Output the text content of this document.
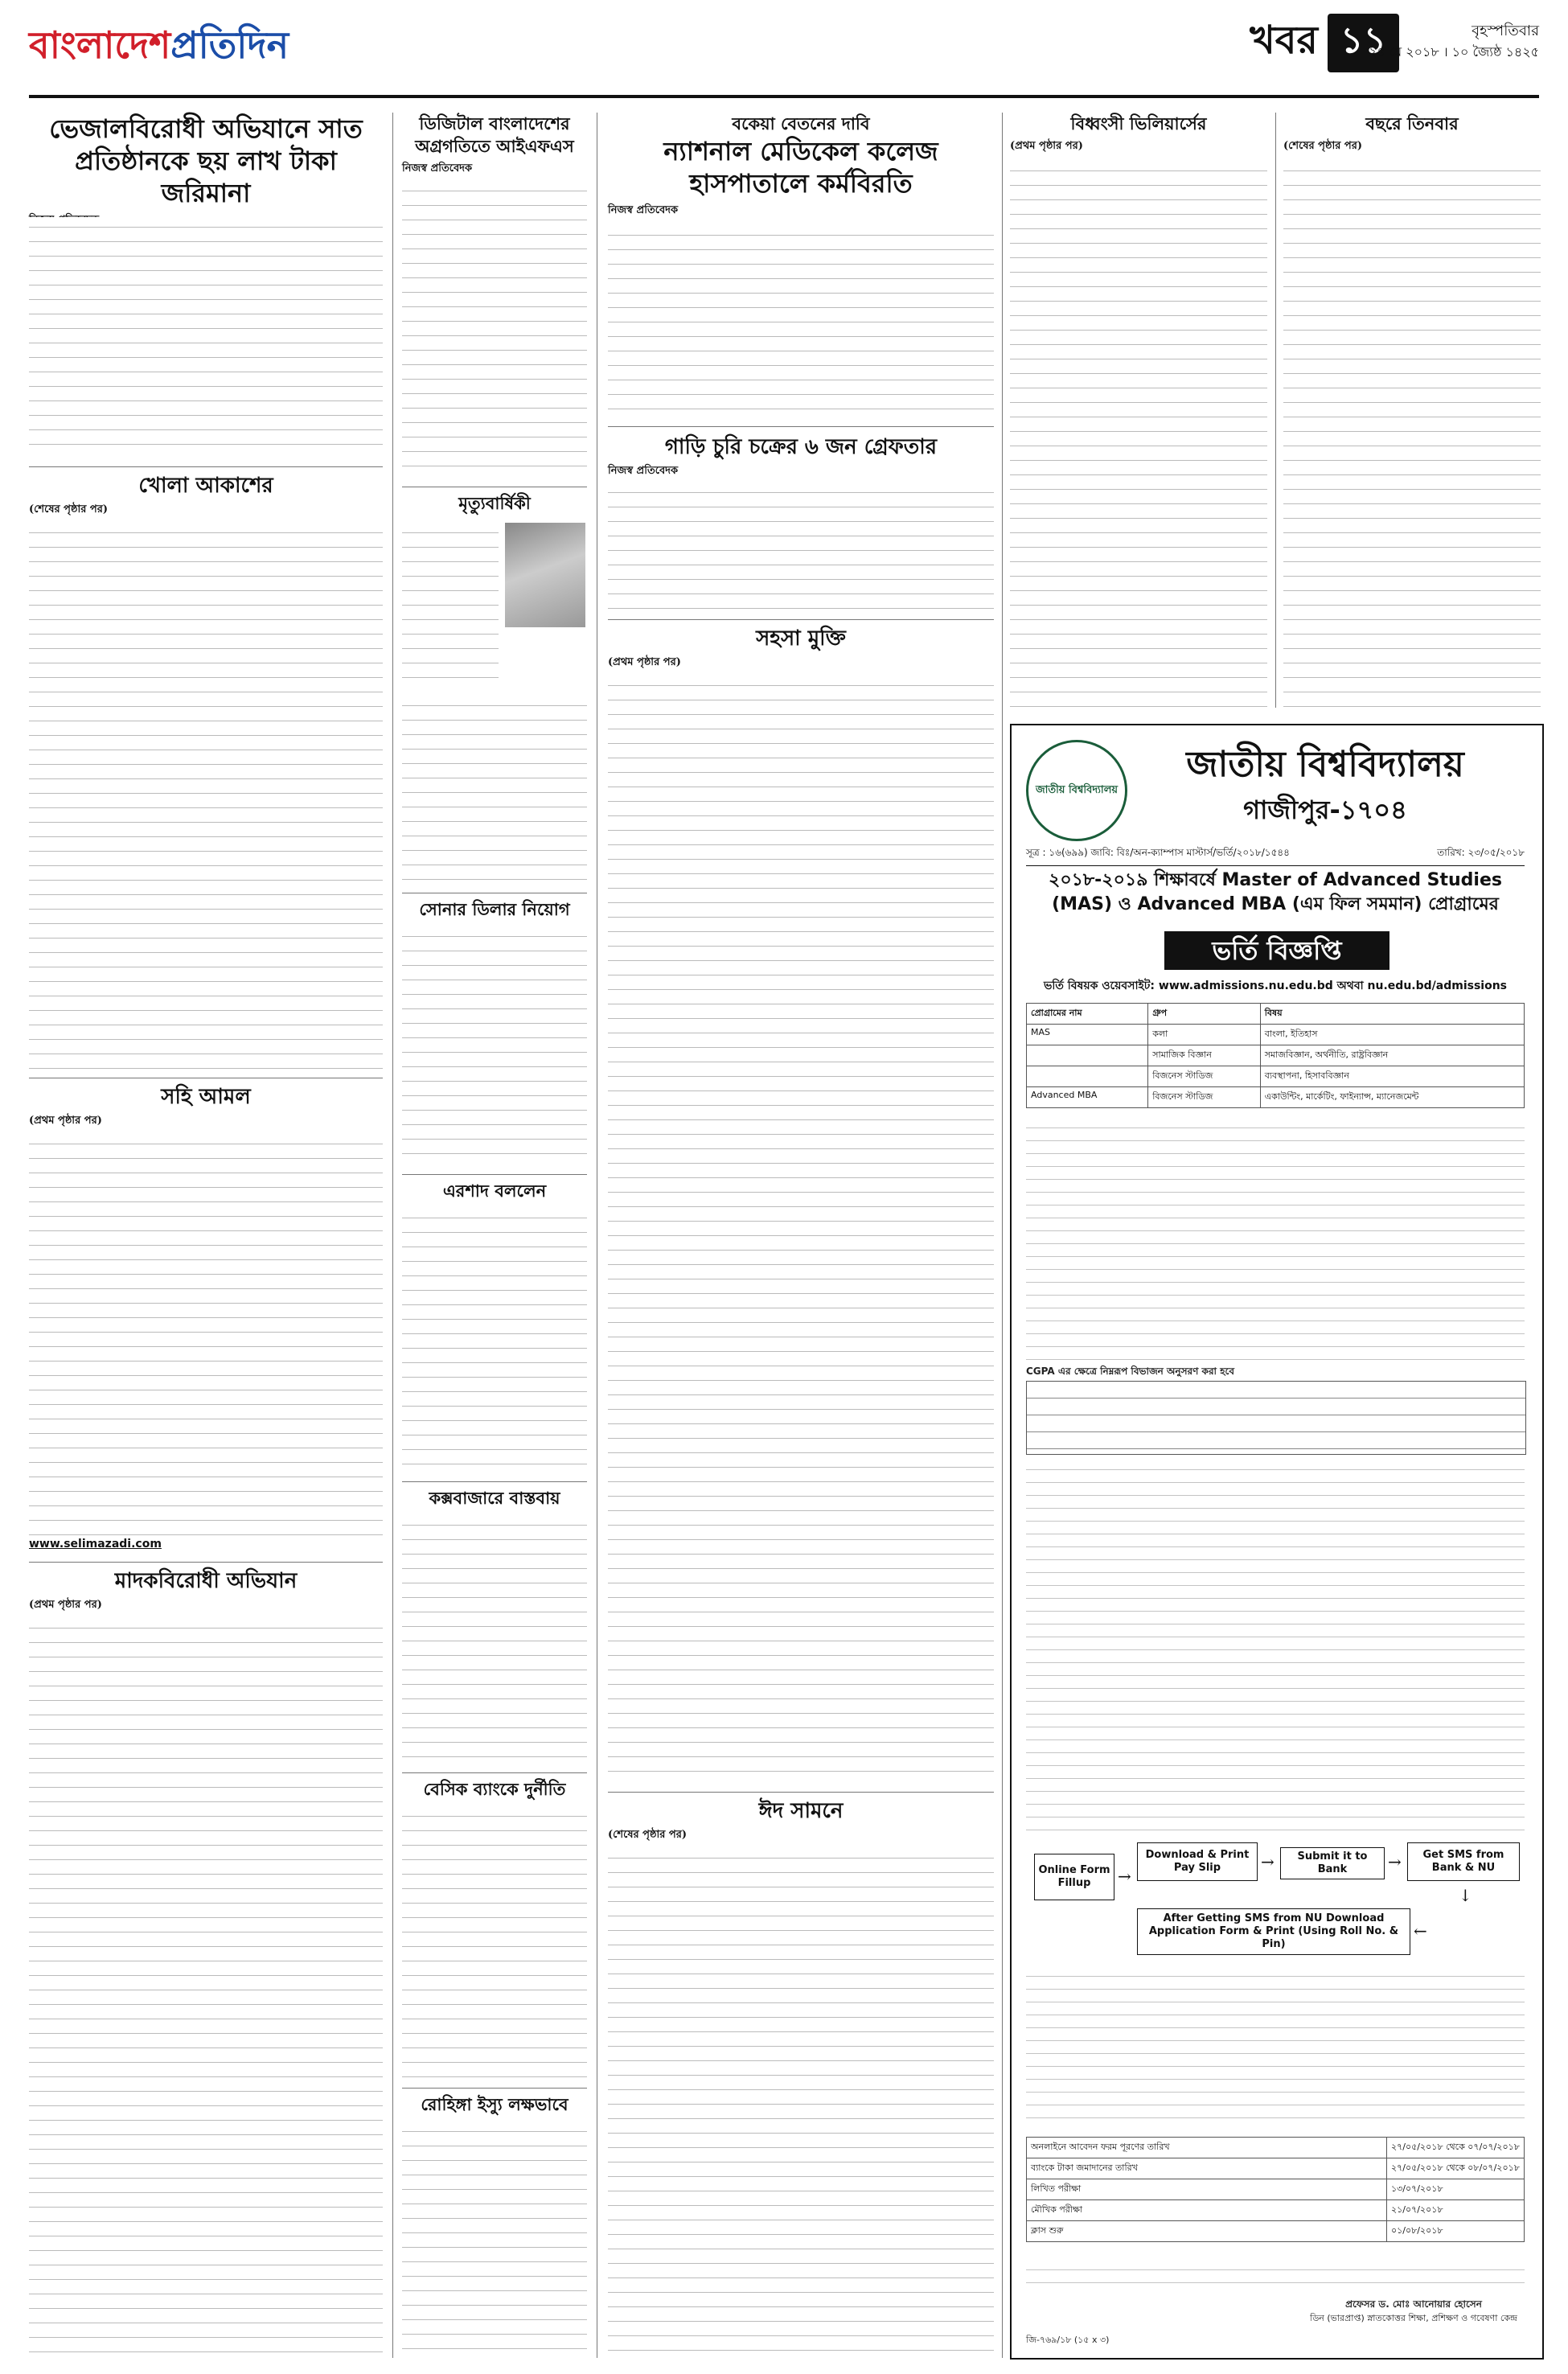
বাংলাদেশপ্রতিদিন	খবর ১১	বৃহস্পতিবার
২৪ মে ২০১৮ । ১০ জ্যৈষ্ঠ ১৪২৫
ভেজালবিরোধী অভিযানে সাত প্রতিষ্ঠানকে ছয় লাখ টাকা জরিমানা
খোলা আকাশের
(শেষের পৃষ্ঠার পর)
সহি আমল
(প্রথম পৃষ্ঠার পর)
www.selimazadi.com
মাদকবিরোধী অভিযান
(প্রথম পৃষ্ঠার পর)
ডিজিটাল বাংলাদেশের অগ্রগতিতে আইএফএস
নিজস্ব প্রতিবেদক
মৃত্যুবার্ষিকী
সোনার ডিলার নিয়োগ
এরশাদ বললেন
কক্সবাজারে বাস্তবায়
বেসিক ব্যাংকে দুর্নীতি
রোহিঙ্গা ইস্যু লক্ষভাবে
বকেয়া বেতনের দাবি
ন্যাশনাল মেডিকেল কলেজ হাসপাতালে কর্মবিরতি
নিজস্ব প্রতিবেদক
গাড়ি চুরি চক্রের ৬ জন গ্রেফতার
নিজস্ব প্রতিবেদক
সহসা মুক্তি
(প্রথম পৃষ্ঠার পর)
ঈদ সামনে
(শেষের পৃষ্ঠার পর)
বিধ্বংসী ভিলিয়ার্সের
(প্রথম পৃষ্ঠার পর)
বছরে তিনবার
(শেষের পৃষ্ঠার পর)
জাতীয় বিশ্ববিদ্যালয়
জাতীয় বিশ্ববিদ্যালয়
গাজীপুর-১৭০৪
সূত্র : ১৬(৬৯৯) জাবি: বিঃ/অন-ক্যাম্পাস মাস্টার্স/ভর্তি/২০১৮/১৫৪৪	তারিখ: ২৩/০৫/২০১৮
২০১৮-২০১৯ শিক্ষাবর্ষে Master of Advanced Studies (MAS) ও Advanced MBA (এম ফিল সমমান) প্রোগ্রামের
ভর্তি বিজ্ঞপ্তি
ভর্তি বিষয়ক ওয়েবসাইট: www.admissions.nu.edu.bd অথবা nu.edu.bd/admissions
প্রোগ্রামের নাম	গ্রুপ	বিষয়
MAS	কলা	বাংলা, ইতিহাস
	সামাজিক বিজ্ঞান	সমাজবিজ্ঞান, অর্থনীতি, রাষ্ট্রবিজ্ঞান
	বিজনেস স্টাডিজ	ব্যবস্থাপনা, হিসাববিজ্ঞান
Advanced MBA	বিজনেস স্টাডিজ	একাউন্টিং, মার্কেটিং, ফাইন্যান্স, ম্যানেজমেন্ট
CGPA এর ক্ষেত্রে নিম্নরূপ বিভাজন অনুসরণ করা হবে
Online Form Fillup	→
Download & Print Pay Slip	→	Submit it to Bank	→	Get SMS from Bank & NU
↓
After Getting SMS from NU Download Application Form & Print (Using Roll No. & Pin)
←
অনলাইনে আবেদন ফরম পূরণের তারিখ	২৭/০৫/২০১৮ থেকে ০৭/০৭/২০১৮
ব্যাংকে টাকা জমাদানের তারিখ	২৭/০৫/২০১৮ থেকে ০৮/০৭/২০১৮
লিখিত পরীক্ষা	১৩/০৭/২০১৮
মৌখিক পরীক্ষা	২১/০৭/২০১৮
ক্লাস শুরু	০১/০৮/২০১৮
প্রফেসর ড. মোঃ আনোয়ার হোসেন
ডিন (ভারপ্রাপ্ত) স্নাতকোত্তর শিক্ষা, প্রশিক্ষণ ও গবেষণা কেন্দ্র
জি-৭৬৯/১৮ (১৫ x ৩)
